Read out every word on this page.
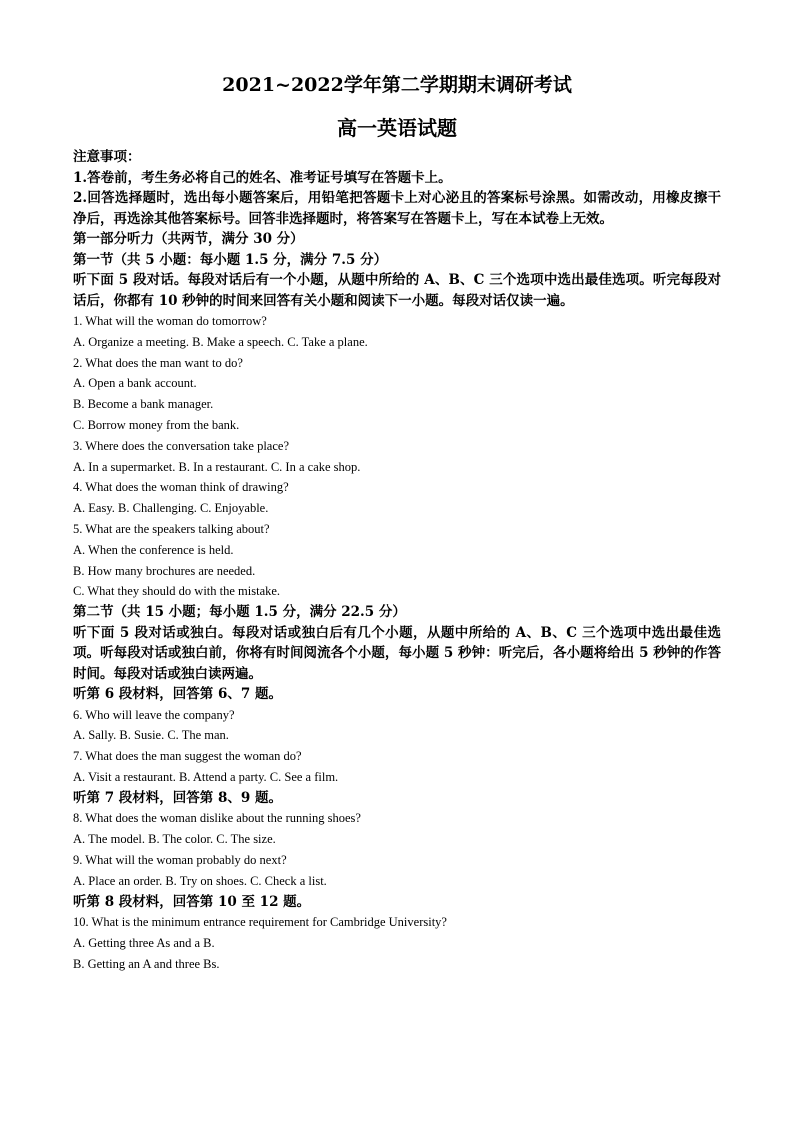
2021~2022学年第二学期期末调研考试
高一英语试题
注意事项：
1.答卷前，考生务必将自己的姓名、准考证号填写在答题卡上。
2.回答选择题时，选出每小题答案后，用铅笔把答题卡上对心泌且的答案标号涂黑。如需改动，用橡皮擦干净后，再选涂其他答案标号。回答非选择题时，将答案写在答题卡上，写在本试卷上无效。
第一部分听力（共两节，满分 30 分）
第一节（共 5 小题：每小题 1.5 分，满分 7.5 分）
听下面 5 段对话。每段对话后有一个小题，从题中所给的 A、B、C 三个选项中选出最佳选项。听完每段对话后，你都有 10 秒钟的时间来回答有关小题和阅读下一小题。每段对话仅读一遍。
1. What will the woman do tomorrow?
A. Organize a meeting. B. Make a speech. C. Take a plane.
2. What does the man want to do?
A. Open a bank account.
B. Become a bank manager.
C. Borrow money from the bank.
3. Where does the conversation take place?
A. In a supermarket. B. In a restaurant. C. In a cake shop.
4. What does the woman think of drawing?
A. Easy. B. Challenging. C. Enjoyable.
5. What are the speakers talking about?
A. When the conference is held.
B. How many brochures are needed.
C. What they should do with the mistake.
第二节（共 15 小题；每小题 1.5 分，满分 22.5 分）
听下面 5 段对话或独白。每段对话或独白后有几个小题，从题中所给的 A、B、C 三个选项中选出最佳选项。听每段对话或独白前，你将有时间阅流各个小题，每小题 5 秒钟：听完后，各小题将给出 5 秒钟的作答时间。每段对话或独白读两遍。
听第 6 段材料，回答第 6、7 题。
6. Who will leave the company?
A. Sally. B. Susie. C. The man.
7. What does the man suggest the woman do?
A. Visit a restaurant. B. Attend a party. C. See a film.
听第 7 段材料，回答第 8、9 题。
8. What does the woman dislike about the running shoes?
A. The model. B. The color. C. The size.
9. What will the woman probably do next?
A. Place an order. B. Try on shoes. C. Check a list.
听第 8 段材料，回答第 10 至 12 题。
10. What is the minimum entrance requirement for Cambridge University?
A. Getting three As and a B.
B. Getting an A and three Bs.
